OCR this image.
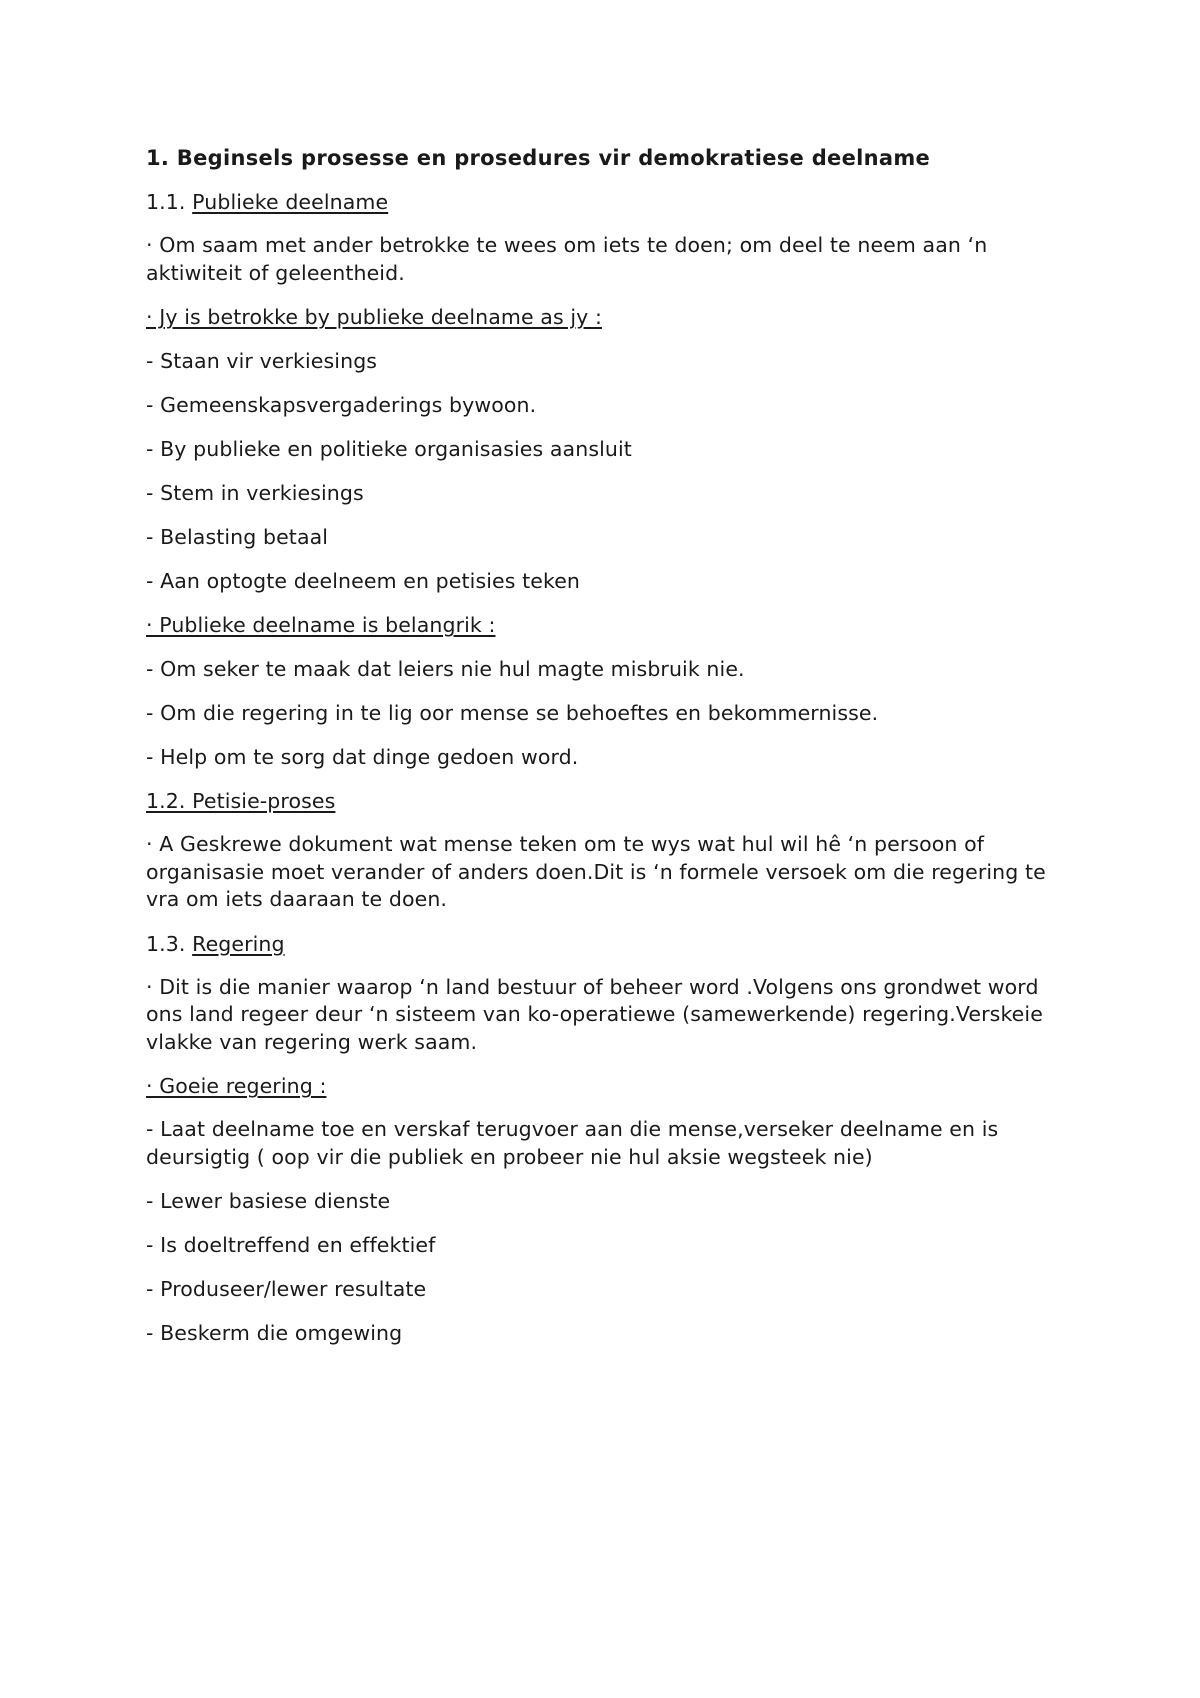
1. Beginsels prosesse en prosedures vir demokratiese deelname
1.1. Publieke deelname
· Om saam met ander betrokke te wees om iets te doen; om deel te neem aan ‘n aktiwiteit of geleentheid.
· Jy is betrokke by publieke deelname as jy :
- Staan vir verkiesings
- Gemeenskapsvergaderings bywoon.
- By publieke en politieke organisasies aansluit
- Stem in verkiesings
- Belasting betaal
- Aan optogte deelneem en petisies teken
· Publieke deelname is belangrik :
- Om seker te maak dat leiers nie hul magte misbruik nie.
- Om die regering in te lig oor mense se behoeftes en bekommernisse.
- Help om te sorg dat dinge gedoen word.
1.2. Petisie-proses
· A Geskrewe dokument wat mense teken om te wys wat hul wil hê ‘n persoon of organisasie moet verander of anders doen.Dit is ‘n formele versoek om die regering te vra om iets daaraan te doen.
1.3. Regering
· Dit is die manier waarop ‘n land bestuur of beheer word .Volgens ons grondwet word ons land regeer deur ‘n sisteem van ko-operatiewe (samewerkende) regering.Verskeie vlakke van regering werk saam.
· Goeie regering :
- Laat deelname toe en verskaf terugvoer aan die mense,verseker deelname en is deursigtig ( oop vir die publiek en probeer nie hul aksie wegsteek nie)
- Lewer basiese dienste
- Is doeltreffend en effektief
- Produseer/lewer resultate
- Beskerm die omgewing
